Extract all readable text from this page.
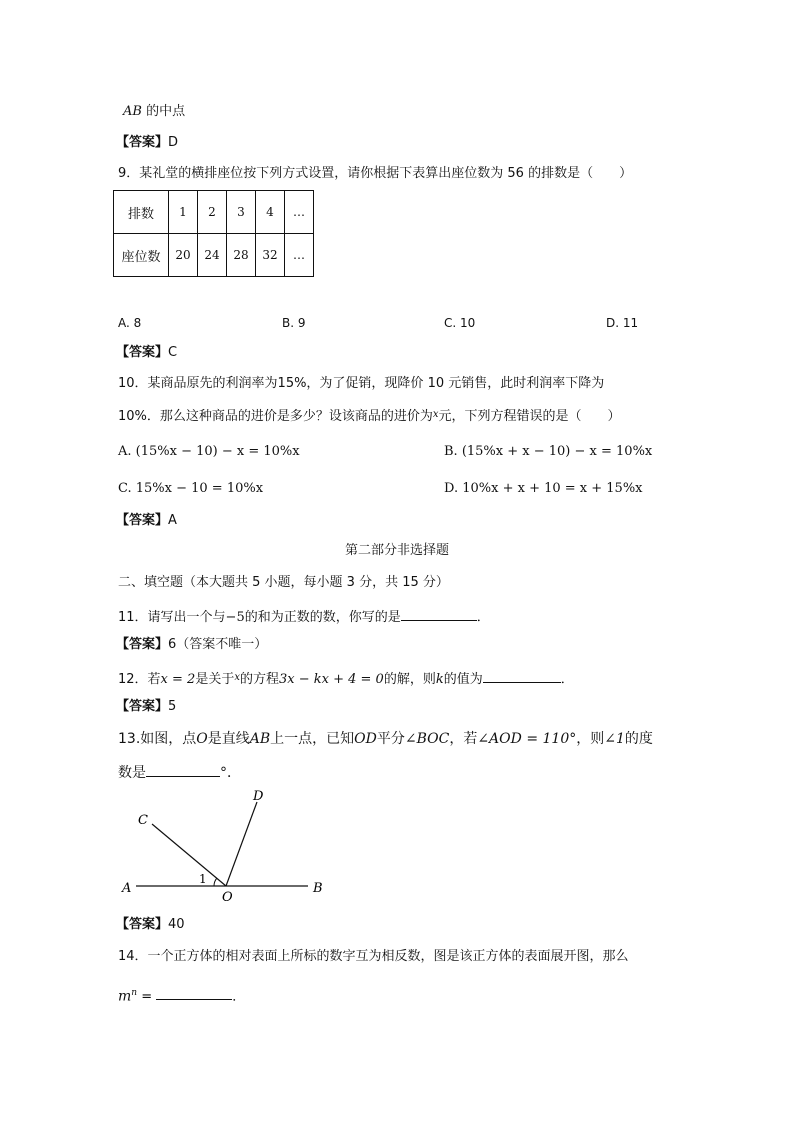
AB 的中点
【答案】D
9．某礼堂的横排座位按下列方式设置，请你根据下表算出座位数为 56 的排数是（　　）
排数	1	2	3	4	…
座位数	20	24	28	32	…
A. 8	B. 9	C. 10	D. 11
【答案】C
10．某商品原先的利润率为15%，为了促销，现降价 10 元销售，此时利润率下降为
10%．那么这种商品的进价是多少？设该商品的进价为$^x$元，下列方程错误的是（　　）
A. (15%x − 10) − x = 10%x	B. (15%x + x − 10) − x = 10%x
C. 15%x − 10 = 10%x	D. 10%x + x + 10 = x + 15%x
【答案】A
第二部分非选择题
二、填空题（本大题共 5 小题，每小题 3 分，共 15 分）
11．请写出一个与−5的和为正数的数，你写的是	．
【答案】6（答案不唯一）
12．若x = 2是关于$^x$的方程3x − kx + 4 = 0的解，则k的值为	．
【答案】5
13.如图，点O是直线AB上一点，已知OD平分∠BOC，若∠AOD = 110°，则∠1的度
数是	°．
A	B
C
D
O
1
【答案】40
14．一个正方体的相对表面上所标的数字互为相反数，图是该正方体的表面展开图，那么
$m^n$ =	．
